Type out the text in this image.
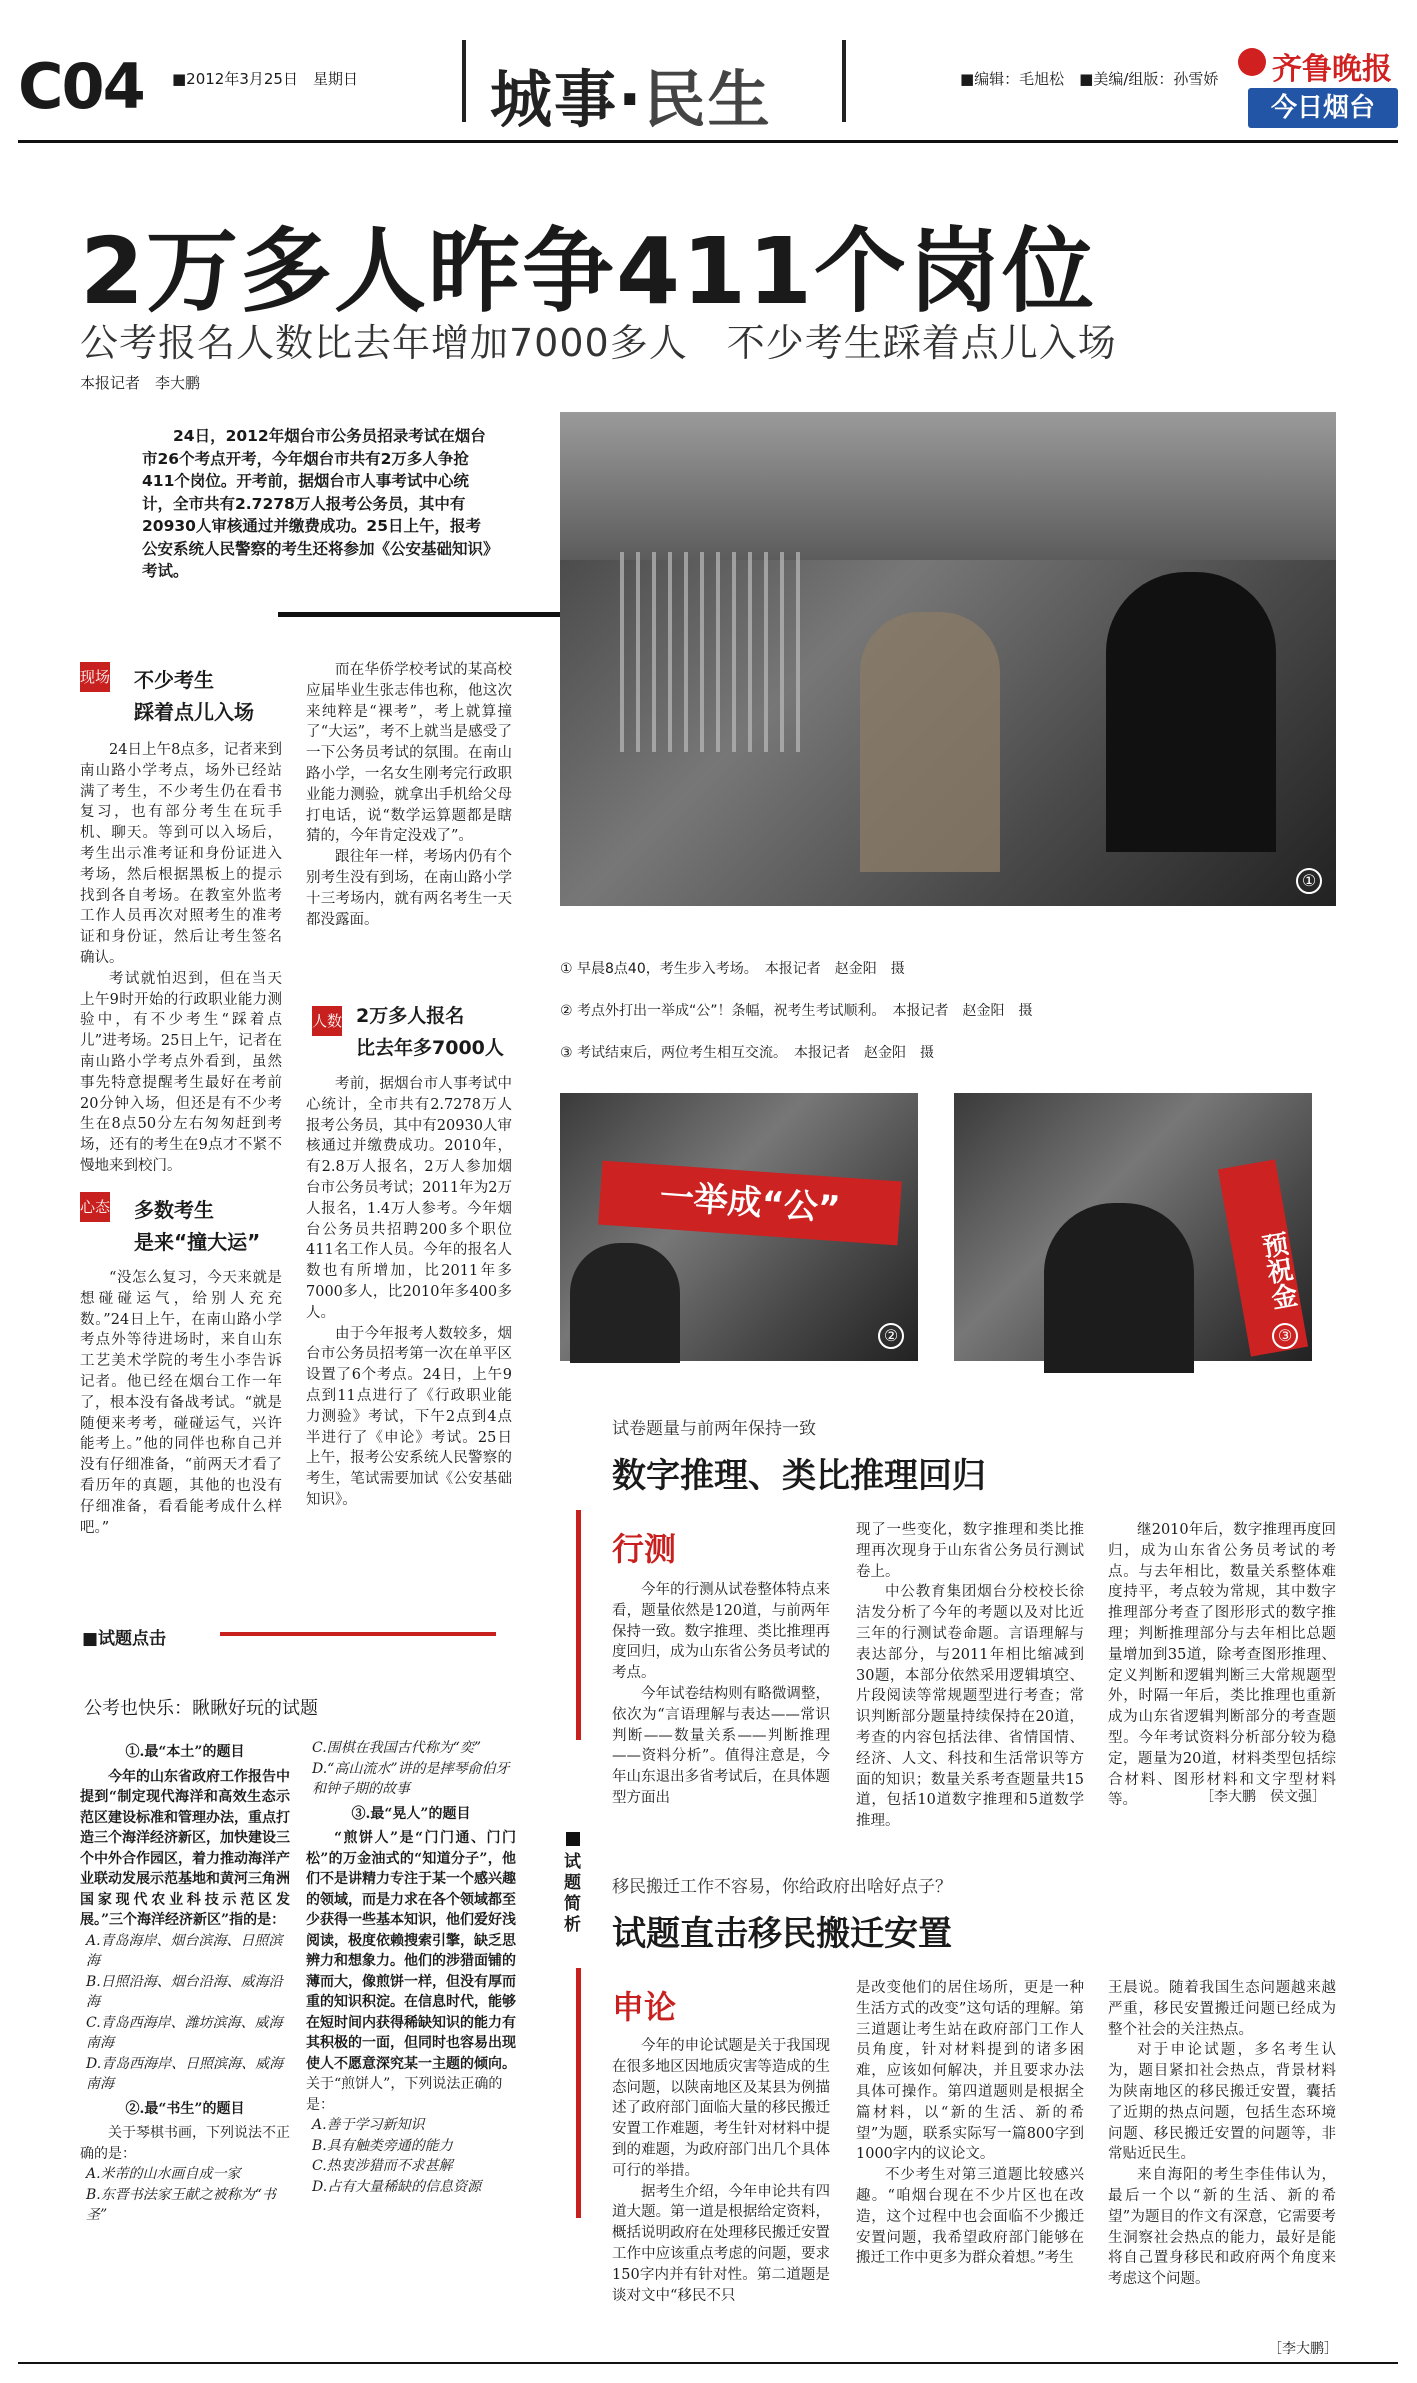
C04 ■2012年3月25日　星期日 城事·民生	■编辑：毛旭松　■美编/组版：孙雪娇 齐鲁晚报
今日烟台
2万多人昨争411个岗位
公考报名人数比去年增加7000多人　不少考生踩着点儿入场
本报记者　李大鹏
24日，2012年烟台市公务员招录考试在烟台市26个考点开考，今年烟台市共有2万多人争抢411个岗位。开考前，据烟台市人事考试中心统计，全市共有2.7278万人报考公务员，其中有20930人审核通过并缴费成功。25日上午，报考公安系统人民警察的考生还将参加《公安基础知识》考试。
现场 不少考生
踩着点儿入场

24日上午8点多，记者来到南山路小学考点，场外已经站满了考生，不少考生仍在看书复习，也有部分考生在玩手机、聊天。等到可以入场后，考生出示准考证和身份证进入考场，然后根据黑板上的提示找到各自考场。在教室外监考工作人员再次对照考生的准考证和身份证，然后让考生签名确认。

考试就怕迟到，但在当天上午9时开始的行政职业能力测验中，有不少考生“踩着点儿”进考场。25日上午，记者在南山路小学考点外看到，虽然事先特意提醒考生最好在考前20分钟入场，但还是有不少考生在8点50分左右匆匆赶到考场，还有的考生在9点才不紧不慢地来到校门。

心态 多数考生
是来“撞大运”

“没怎么复习，今天来就是想碰碰运气，给别人充充数。”24日上午，在南山路小学考点外等待进场时，来自山东工艺美术学院的考生小李告诉记者。他已经在烟台工作一年了，根本没有备战考试。“就是随便来考考，碰碰运气，兴许能考上。”他的同伴也称自己并没有仔细准备，“前两天才看了看历年的真题，其他的也没有仔细准备，看看能考成什么样吧。”

而在华侨学校考试的某高校应届毕业生张志伟也称，他这次来纯粹是“裸考”，考上就算撞了“大运”，考不上就当是感受了一下公务员考试的氛围。在南山路小学，一名女生刚考完行政职业能力测验，就拿出手机给父母打电话，说“数学运算题都是瞎猜的，今年肯定没戏了”。

跟往年一样，考场内仍有个别考生没有到场，在南山路小学十三考场内，就有两名考生一天都没露面。

人数 2万多人报名
比去年多7000人

考前，据烟台市人事考试中心统计，全市共有2.7278万人报考公务员，其中有20930人审核通过并缴费成功。2010年，有2.8万人报名，2万人参加烟台市公务员考试；2011年为2万人报名，1.4万人参考。今年烟台公务员共招聘200多个职位411名工作人员。今年的报名人数也有所增加，比2011年多7000多人，比2010年多400多人。

由于今年报考人数较多，烟台市公务员招考第一次在单平区设置了6个考点。24日，上午9点到11点进行了《行政职业能力测验》考试，下午2点到4点半进行了《申论》考试。25日上午，报考公安系统人民警察的考生，笔试需要加试《公安基础知识》。

①
① 早晨8点40，考生步入考场。　本报记者　赵金阳　摄
② 考点外打出一举成“公”！条幅，祝考生考试顺利。　本报记者　赵金阳　摄
③ 考试结束后，两位考生相互交流。　本报记者　赵金阳　摄
一举成“公”
②
预祝金
③
试卷题量与前两年保持一致
数字推理、类比推理回归
行测

今年的行测从试卷整体特点来看，题量依然是120道，与前两年保持一致。数字推理、类比推理再度回归，成为山东省公务员考试的考点。

今年试卷结构则有略微调整，依次为“言语理解与表达——常识判断——数量关系——判断推理——资料分析”。值得注意是，今年山东退出多省考试后，在具体题型方面出

现了一些变化，数字推理和类比推理再次现身于山东省公务员行测试卷上。

中公教育集团烟台分校校长徐洁发分析了今年的考题以及对比近三年的行测试卷命题。言语理解与表达部分，与2011年相比缩减到30题，本部分依然采用逻辑填空、片段阅读等常规题型进行考查；常识判断部分题量持续保持在20道，考查的内容包括法律、省情国情、经济、人文、科技和生活常识等方面的知识；数量关系考查题量共15道，包括10道数字推理和5道数学推理。

继2010年后，数字推理再度回归，成为山东省公务员考试的考点。与去年相比，数量关系整体难度持平，考点较为常规，其中数字推理部分考查了图形形式的数字推理；判断推理部分与去年相比总题量增加到35道，除考查图形推理、定义判断和逻辑判断三大常规题型外，时隔一年后，类比推理也重新成为山东省逻辑判断部分的考查题型。今年考试资料分析部分较为稳定，题量为20道，材料类型包括综合材料、图形材料和文字型材料等。	［李大鹏　侯文强］
试题简析
移民搬迁工作不容易，你给政府出啥好点子？
试题直击移民搬迁安置
申论

今年的申论试题是关于我国现在很多地区因地质灾害等造成的生态问题，以陕南地区及某县为例描述了政府部门面临大量的移民搬迁安置工作难题，考生针对材料中提到的难题，为政府部门出几个具体可行的举措。

据考生介绍，今年申论共有四道大题。第一道是根据给定资料，概括说明政府在处理移民搬迁安置工作中应该重点考虑的问题，要求150字内并有针对性。第二道题是谈对文中“移民不只

是改变他们的居住场所，更是一种生活方式的改变”这句话的理解。第三道题让考生站在政府部门工作人员角度，针对材料提到的诸多困难，应该如何解决，并且要求办法具体可操作。第四道题则是根据全篇材料，以“新的生活、新的希望”为题，联系实际写一篇800字到1000字内的议论文。

不少考生对第三道题比较感兴趣。“咱烟台现在不少片区也在改造，这个过程中也会面临不少搬迁安置问题，我希望政府部门能够在搬迁工作中更多为群众着想。”考生

王晨说。随着我国生态问题越来越严重，移民安置搬迁问题已经成为整个社会的关注热点。

对于申论试题，多名考生认为，题目紧扣社会热点，背景材料为陕南地区的移民搬迁安置，囊括了近期的热点问题，包括生态环境问题、移民搬迁安置的问题等，非常贴近民生。

来自海阳的考生李佳伟认为，最后一个以“新的生活、新的希望”为题目的作文有深意，它需要考生洞察社会热点的能力，最好是能将自己置身移民和政府两个角度来考虑这个问题。

［李大鹏］
■试题点击
公考也快乐：瞅瞅好玩的试题
①.最“本土”的题目

今年的山东省政府工作报告中提到“制定现代海洋和高效生态示范区建设标准和管理办法，重点打造三个海洋经济新区，加快建设三个中外合作园区，着力推动海洋产业联动发展示范基地和黄河三角洲国家现代农业科技示范区发展。”三个海洋经济新区”指的是：

A.青岛海岸、烟台滨海、日照滨海
B.日照沿海、烟台沿海、威海沿海
C.青岛西海岸、潍坊滨海、威海南海
D.青岛西海岸、日照滨海、威海南海
②.最“书生”的题目

关于琴棋书画，下列说法不正确的是：

A.米芾的山水画自成一家
B.东晋书法家王献之被称为“书圣”
C.围棋在我国古代称为“奕”
D.“高山流水”讲的是摔琴俞伯牙和钟子期的故事
③.最“晃人”的题目

“煎饼人”是“门门通、门门松”的万金油式的“知道分子”，他们不是讲精力专注于某一个感兴趣的领域，而是力求在各个领域都至少获得一些基本知识，他们爱好浅阅读，极度依赖搜索引擎，缺乏思辨力和想象力。他们的涉猎面铺的薄而大，像煎饼一样，但没有厚而重的知识积淀。在信息时代，能够在短时间内获得稀缺知识的能力有其积极的一面，但同时也容易出现使人不愿意深究某一主题的倾向。

关于“煎饼人”，下列说法正确的是：

A.善于学习新知识
B.具有触类旁通的能力
C.热衷涉猎而不求甚解
D.占有大量稀缺的信息资源
